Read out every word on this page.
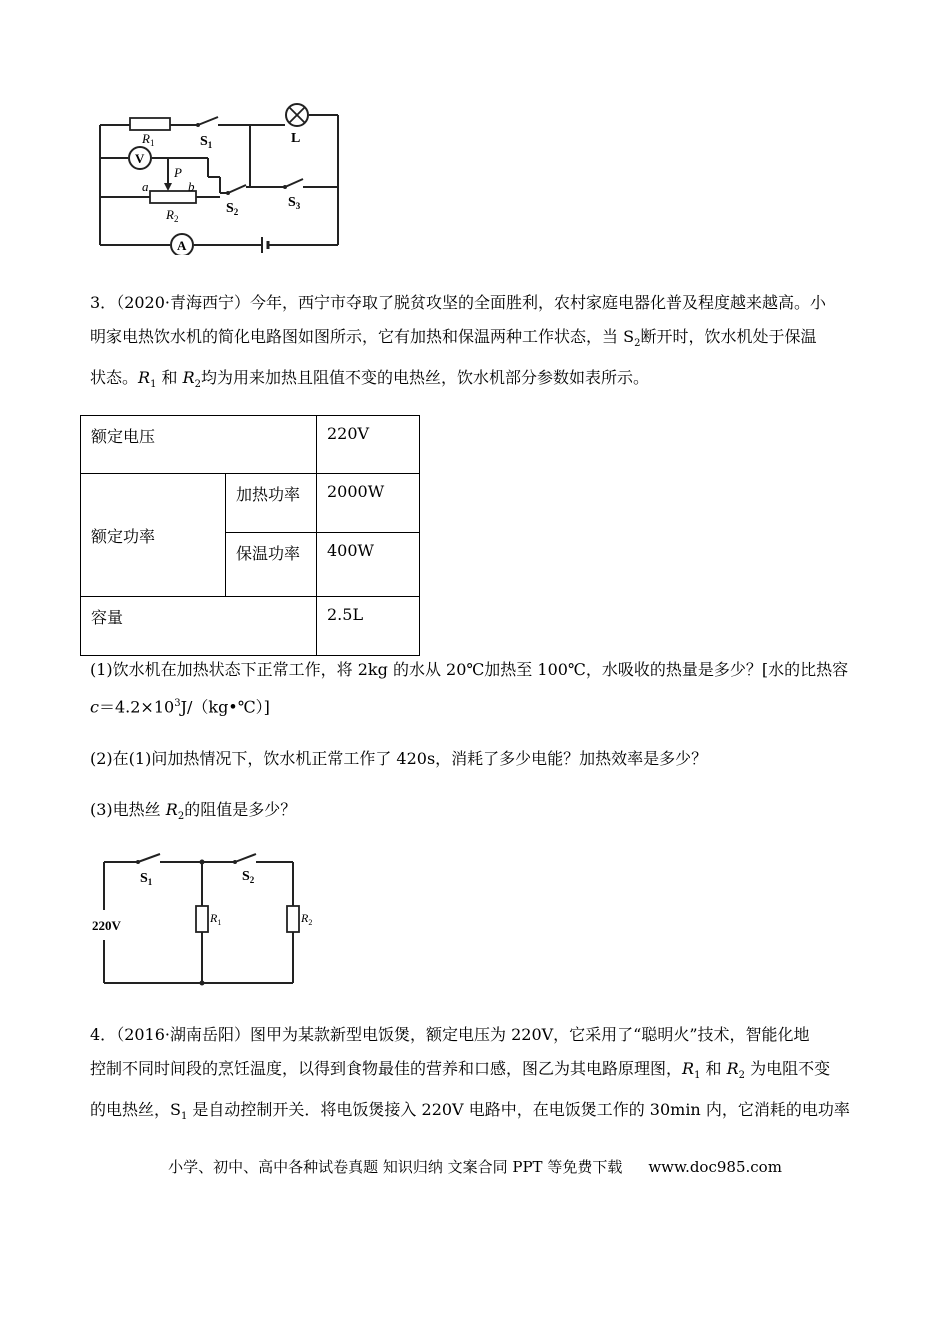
$R_1$	$S_1$	L
V
P
a	b
$R_2$
$S_2$
$S_3$
A
3．（2020·青海西宁）今年，西宁市夺取了脱贫攻坚的全面胜利，农村家庭电器化普及程度越来越高。小
明家电热饮水机的简化电路图如图所示，它有加热和保温两种工作状态，当 $S_2$断开时，饮水机处于保温
状态。$R_1$ 和 $R_2$均为用来加热且阻值不变的电热丝，饮水机部分参数如表所示。
额定电压		220V
额定功率	加热功率	2000W
	保温功率	400W
容量		2.5L
(1)饮水机在加热状态下正常工作，将 2kg 的水从 20℃加热至 100℃，水吸收的热量是多少？[水的比热容
$c=4.2\times 10^3J/(kg•℃)$]
(2)在(1)问加热情况下，饮水机正常工作了 420s，消耗了多少电能？加热效率是多少？
(3)电热丝 $R_2$的阻值是多少？
$S_1$	$S_2$
220V	$R_1$	$R_2$
4．（2016·湖南岳阳）图甲为某款新型电饭煲，额定电压为 220V，它采用了“聪明火”技术，智能化地
控制不同时间段的烹饪温度，以得到食物最佳的营养和口感，图乙为其电路原理图，$R_1$ 和 $R_2$ 为电阻不变
的电热丝，$S_1$ 是自动控制开关．将电饭煲接入 220V 电路中，在电饭煲工作的 30min 内，它消耗的电功率
小学、初中、高中各种试卷真题 知识归纳 文案合同 PPT 等免费下载 www.doc985.com
